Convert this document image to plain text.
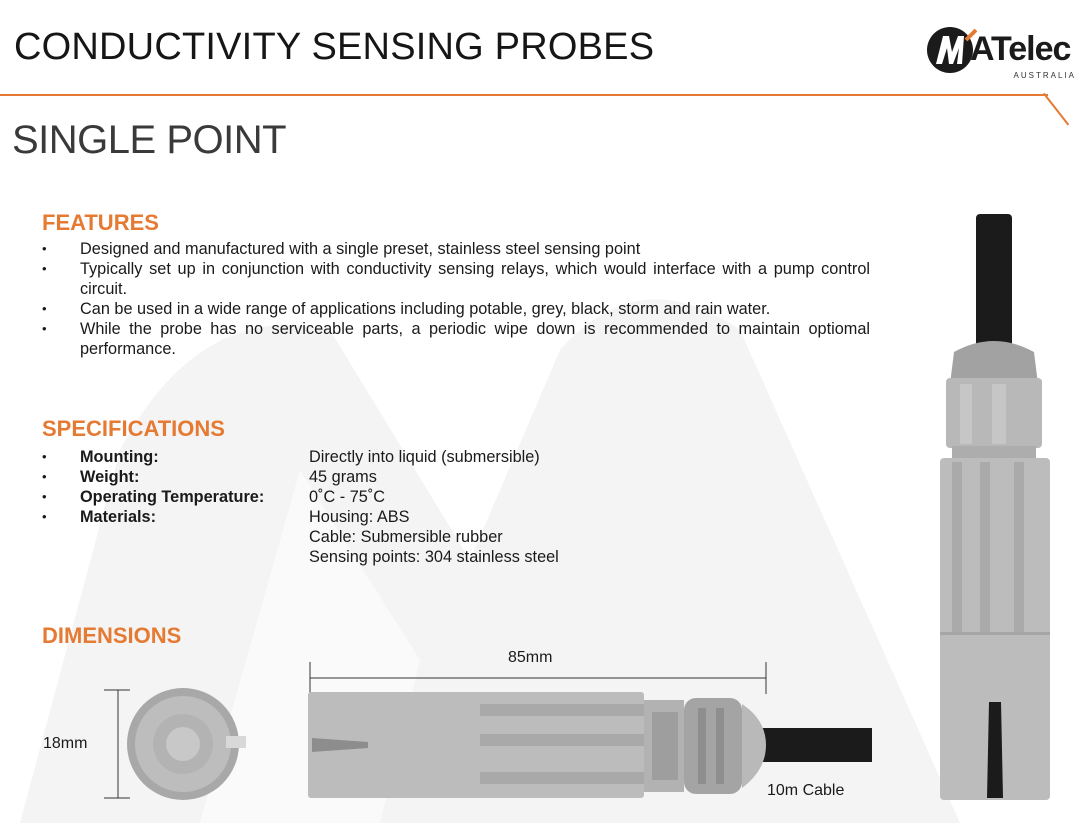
CONDUCTIVITY SENSING PROBES	ATelec
AUSTRALIA
SINGLE POINT
FEATURES
• Designed and manufactured with a single preset, stainless steel sensing point
• Typically set up in conjunction with conductivity sensing relays, which would interface with a pump control circuit.
• Can be used in a wide range of applications including potable, grey, black, storm and rain water.
• While the probe has no serviceable parts, a periodic wipe down is recommended to maintain optiomal performance.
SPECIFICATIONS
•	Mounting:	Directly into liquid (submersible)
•	Weight:	45 grams
•	Operating Temperature:	0˚C - 75˚C
•	Materials:	Housing: ABS
Cable: Submersible rubber
Sensing points: 304 stainless steel
DIMENSIONS
18mm
85mm
10m Cable
